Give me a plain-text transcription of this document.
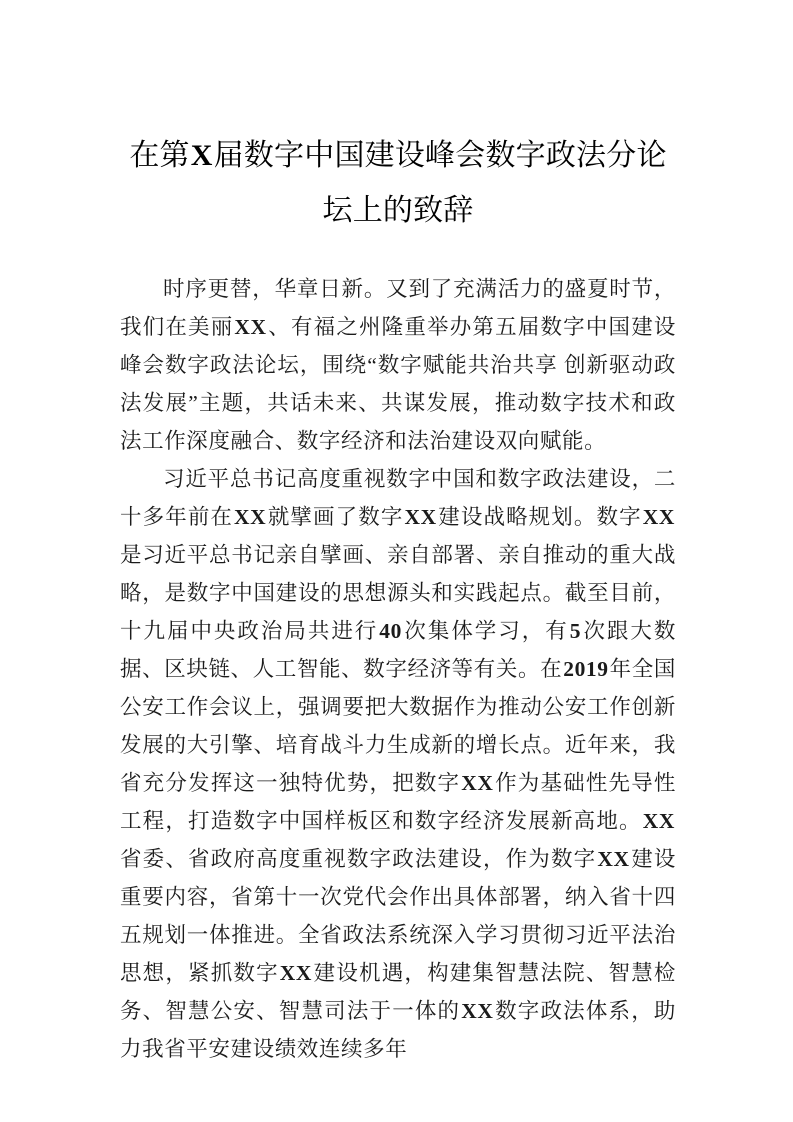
在第X届数字中国建设峰会数字政法分论
坛上的致辞

时序更替，华章日新。又到了充满活力的盛夏时节，我们在美丽XX、有福之州隆重举办第五届数字中国建设峰会数字政法论坛，围绕“数字赋能共治共享 创新驱动政法发展”主题，共话未来、共谋发展，推动数字技术和政法工作深度融合、数字经济和法治建设双向赋能。

习近平总书记高度重视数字中国和数字政法建设，二十多年前在XX就擘画了数字XX建设战略规划。数字XX是习近平总书记亲自擘画、亲自部署、亲自推动的重大战略，是数字中国建设的思想源头和实践起点。截至目前，十九届中央政治局共进行40次集体学习，有5次跟大数据、区块链、人工智能、数字经济等有关。在2019年全国公安工作会议上，强调要把大数据作为推动公安工作创新发展的大引擎、培育战斗力生成新的增长点。近年来，我省充分发挥这一独特优势，把数字XX作为基础性先导性工程，打造数字中国样板区和数字经济发展新高地。XX省委、省政府高度重视数字政法建设，作为数字XX建设重要内容，省第十一次党代会作出具体部署，纳入省十四五规划一体推进。全省政法系统深入学习贯彻习近平法治思想，紧抓数字XX建设机遇，构建集智慧法院、智慧检务、智慧公安、智慧司法于一体的XX数字政法体系，助力我省平安建设绩效连续多年
